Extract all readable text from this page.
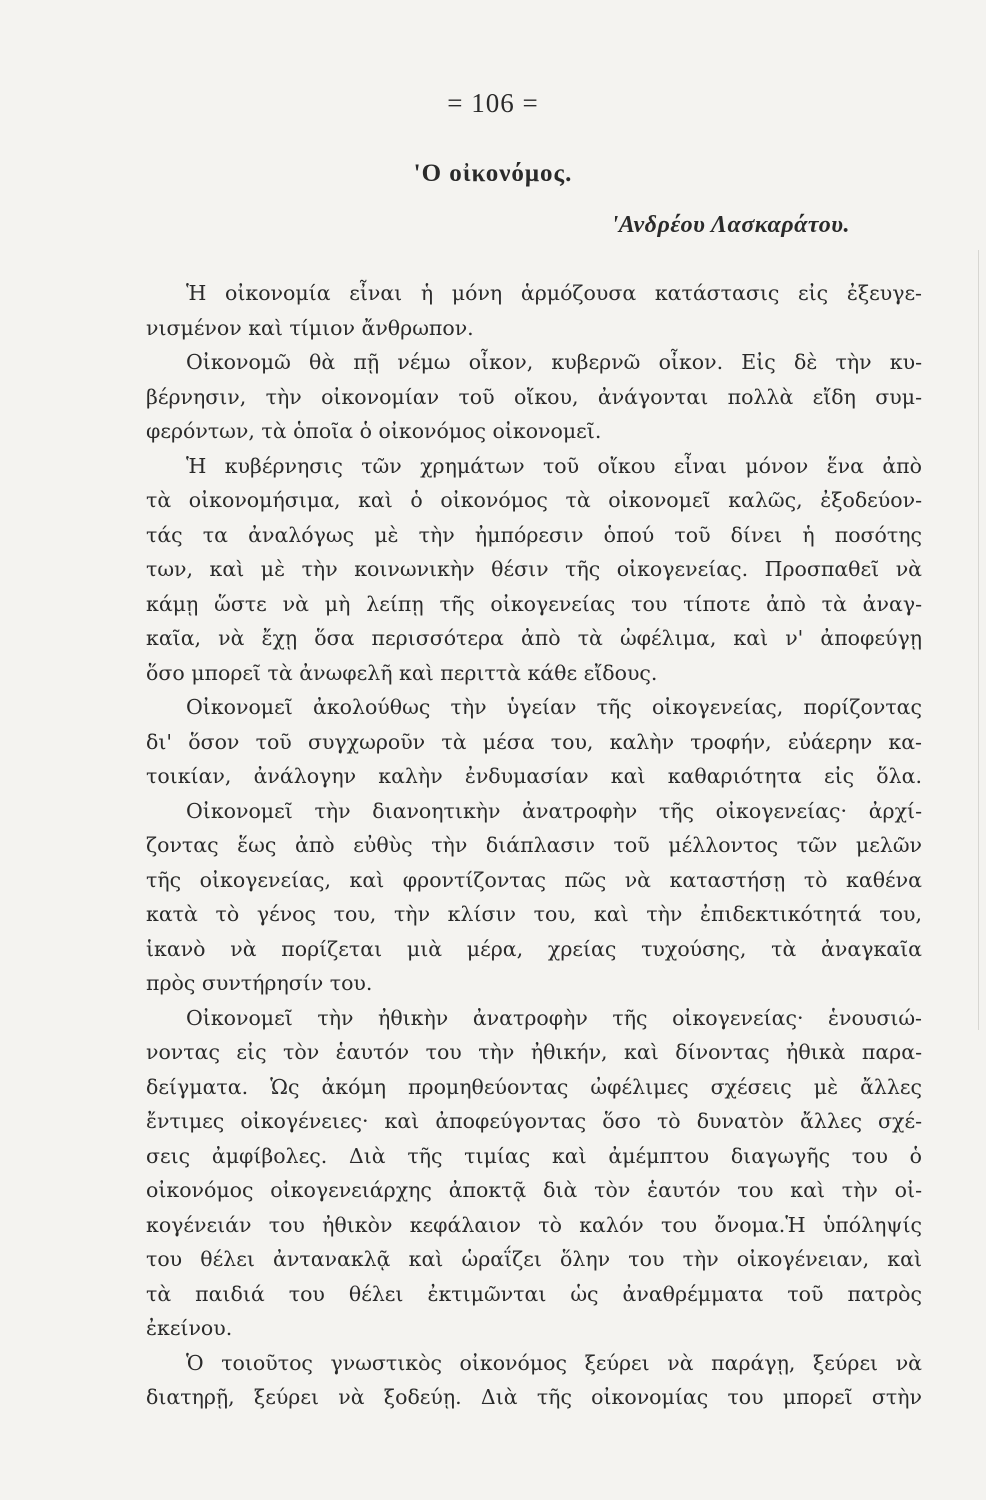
= 106 =
'Ο οἰκονόμος.
'Ανδρέου Λασκαράτου.
Ἡ οἰκονομία εἶναι ἡ μόνη ἁρμόζουσα κατάστασις εἰς ἐξευγε-
νισμένον καὶ τίμιον ἄνθρωπον.
Οἰκονομῶ θὰ πῇ νέμω οἶκον, κυβερνῶ οἶκον. Εἰς δὲ τὴν κυ-
βέρνησιν, τὴν οἰκονομίαν τοῦ οἴκου, ἀνάγονται πολλὰ εἴδη συμ-
φερόντων, τὰ ὁποῖα ὁ οἰκονόμος οἰκονομεῖ.
Ἡ κυβέρνησις τῶν χρημάτων τοῦ οἴκου εἶναι μόνον ἕνα ἀπὸ
τὰ οἰκονομήσιμα, καὶ ὁ οἰκονόμος τὰ οἰκονομεῖ καλῶς, ἐξοδεύον-
τάς τα ἀναλόγως μὲ τὴν ἠμπόρεσιν ὁπού τοῦ δίνει ἡ ποσότης
των, καὶ μὲ τὴν κοινωνικὴν θέσιν τῆς οἰκογενείας. Προσπαθεῖ νὰ
κάμῃ ὥστε νὰ μὴ λείπῃ τῆς οἰκογενείας του τίποτε ἀπὸ τὰ ἀναγ-
καῖα, νὰ ἔχῃ ὅσα περισσότερα ἀπὸ τὰ ὠφέλιμα, καὶ ν' ἀποφεύγῃ
ὅσο μπορεῖ τὰ ἀνωφελῆ καὶ περιττὰ κάθε εἴδους.
Οἰκονομεῖ ἀκολούθως τὴν ὑγείαν τῆς οἰκογενείας, πορίζοντας
δι' ὅσον τοῦ συγχωροῦν τὰ μέσα του, καλὴν τροφήν, εὐάερην κα-
τοικίαν, ἀνάλογην καλὴν ἐνδυμασίαν καὶ καθαριότητα εἰς ὅλα.
Οἰκονομεῖ τὴν διανοητικὴν ἀνατροφὴν τῆς οἰκογενείας· ἀρχί-
ζοντας ἕως ἀπὸ εὐθὺς τὴν διάπλασιν τοῦ μέλλοντος τῶν μελῶν
τῆς οἰκογενείας, καὶ φροντίζοντας πῶς νὰ καταστήσῃ τὸ καθένα
κατὰ τὸ γένος του, τὴν κλίσιν του, καὶ τὴν ἐπιδεκτικότητά του,
ἱκανὸ νὰ πορίζεται μιὰ μέρα, χρείας τυχούσης, τὰ ἀναγκαῖα
πρὸς συντήρησίν του.
Οἰκονομεῖ τὴν ἠθικὴν ἀνατροφὴν τῆς οἰκογενείας· ἑνουσιώ-
νοντας εἰς τὸν ἑαυτόν του τὴν ἠθικήν, καὶ δίνοντας ἠθικὰ παρα-
δείγματα. Ὡς ἀκόμη προμηθεύοντας ὠφέλιμες σχέσεις μὲ ἄλλες
ἔντιμες οἰκογένειες· καὶ ἀποφεύγοντας ὅσο τὸ δυνατὸν ἄλλες σχέ-
σεις ἀμφίβολες. Διὰ τῆς τιμίας καὶ ἀμέμπτου διαγωγῆς του ὁ
οἰκονόμος οἰκογενειάρχης ἀποκτᾷ διὰ τὸν ἑαυτόν του καὶ τὴν οἰ-
κογένειάν του ἠθικὸν κεφάλαιον τὸ καλόν του ὄνομα.Ἡ ὑπόληψίς
του θέλει ἀντανακλᾷ καὶ ὡραΐζει ὅλην του τὴν οἰκογένειαν, καὶ
τὰ παιδιά του θέλει ἐκτιμῶνται ὡς ἀναθρέμματα τοῦ πατρὸς
ἐκείνου.
Ὁ τοιοῦτος γνωστικὸς οἰκονόμος ξεύρει νὰ παράγῃ, ξεύρει νὰ
διατηρῇ, ξεύρει νὰ ξοδεύῃ. Διὰ τῆς οἰκονομίας του μπορεῖ στὴν
